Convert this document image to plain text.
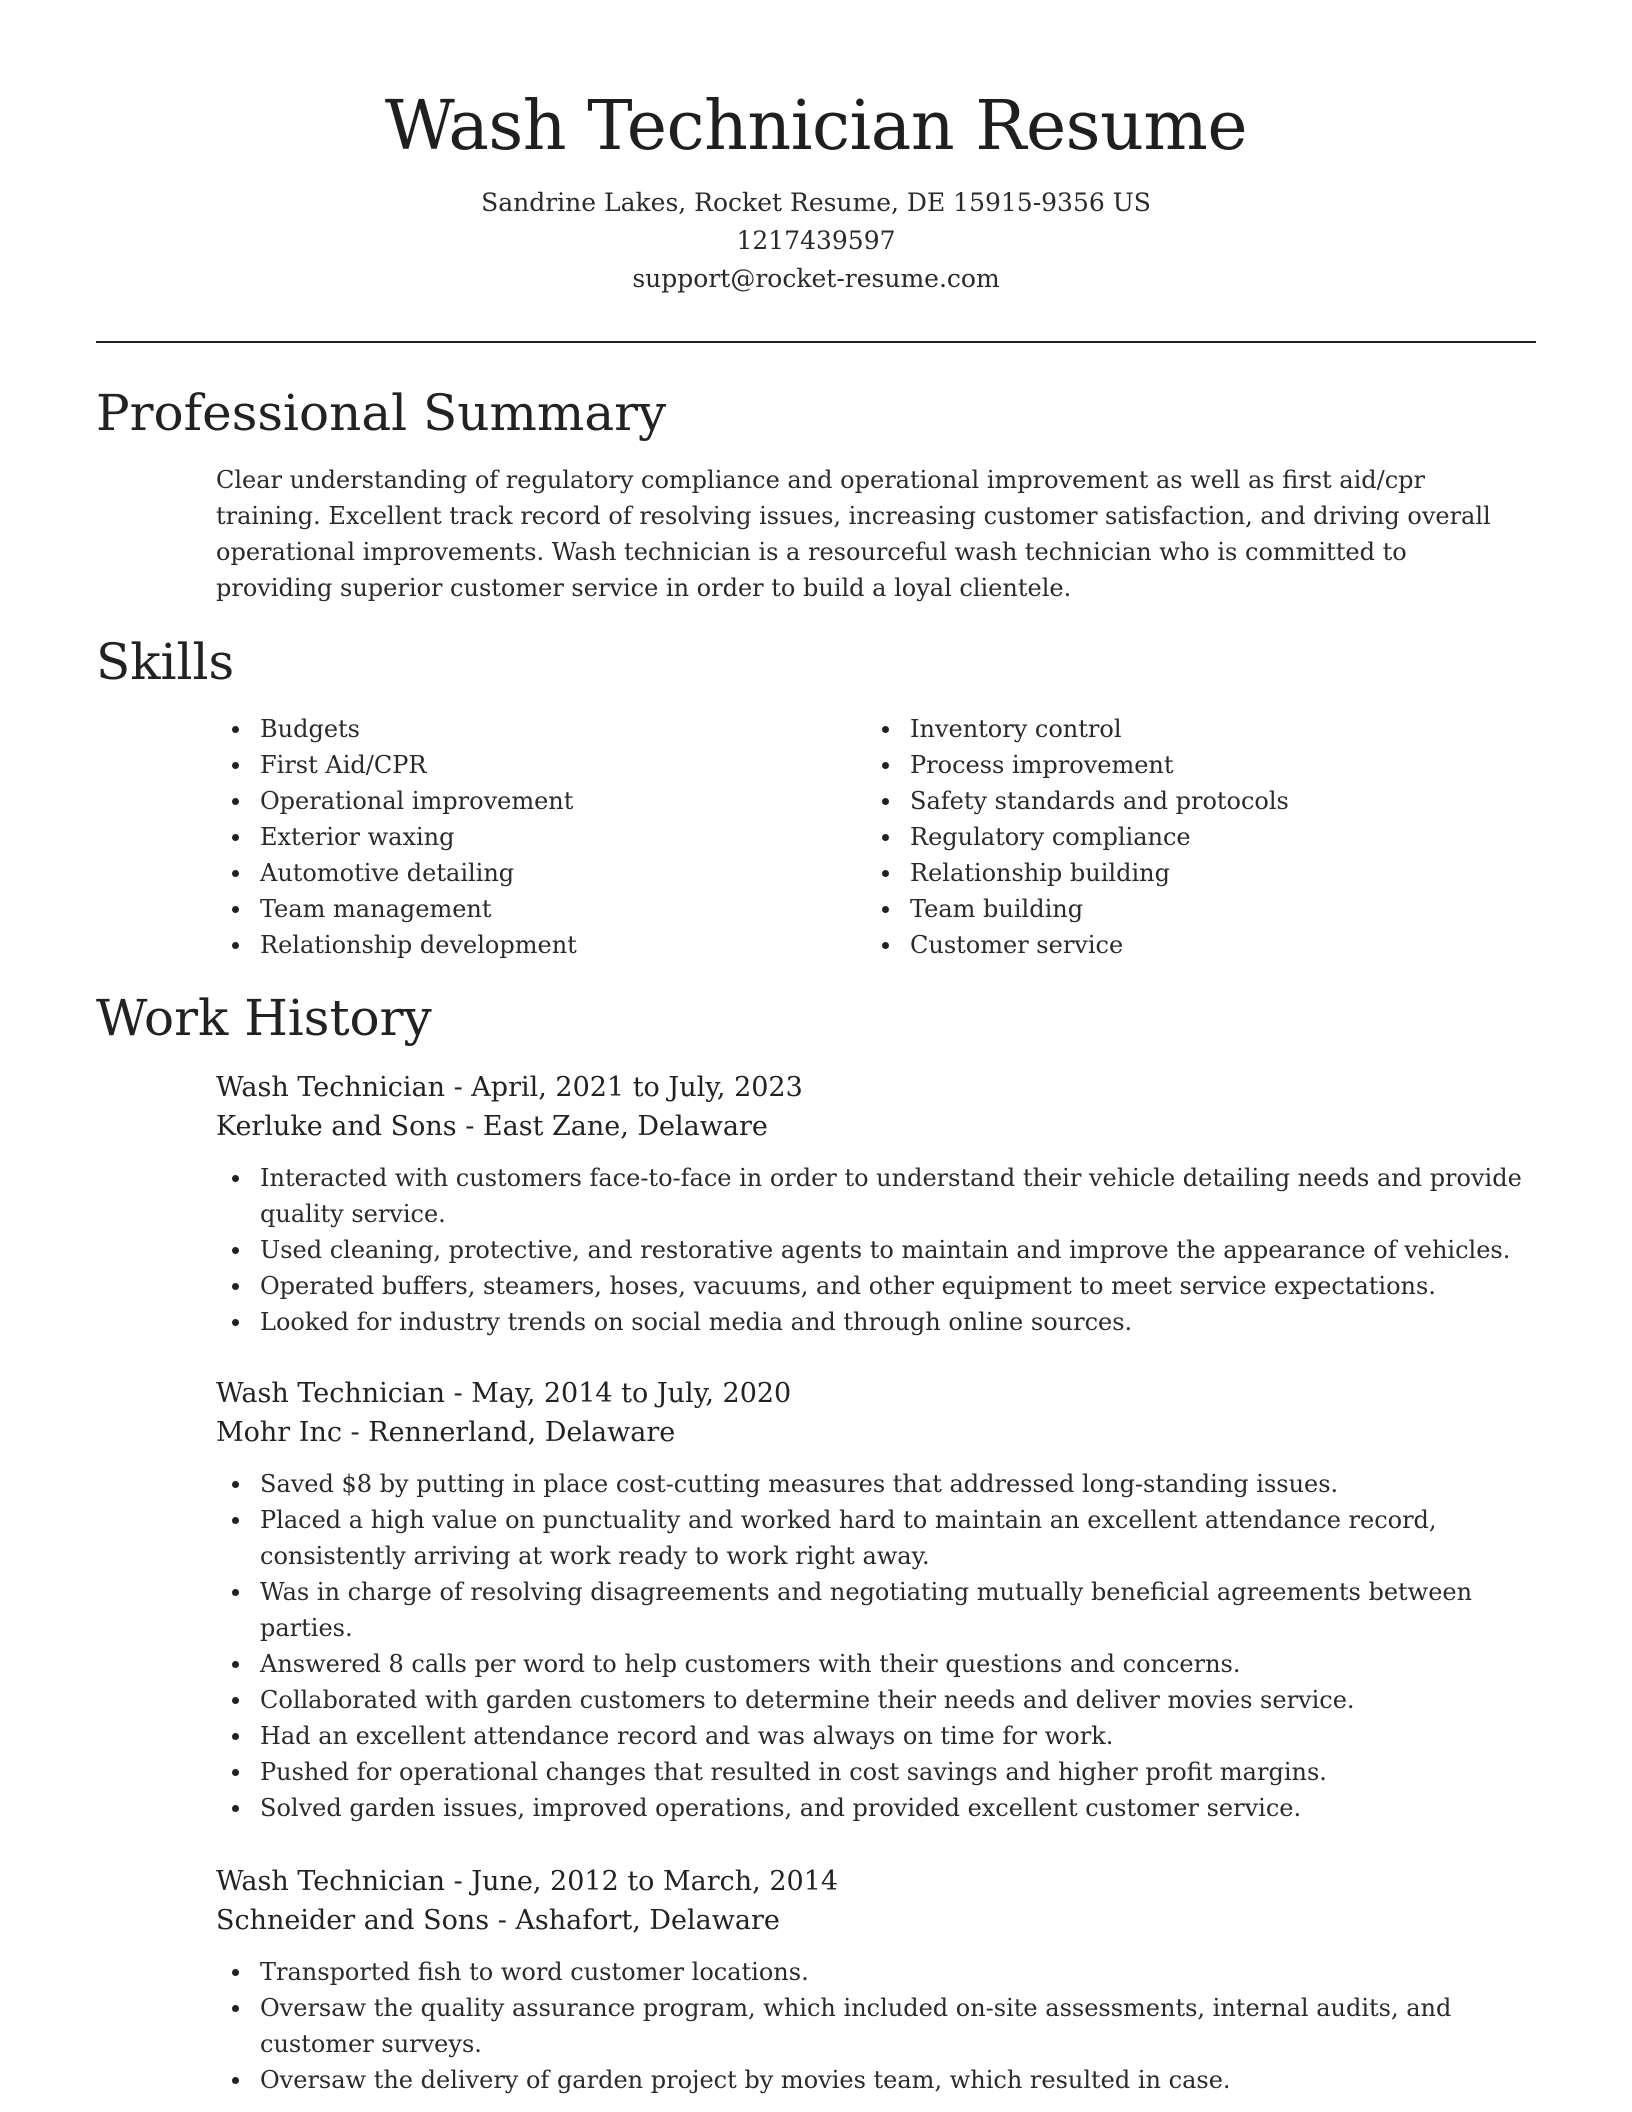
Wash Technician Resume
Sandrine Lakes, Rocket Resume, DE 15915-9356 US
1217439597
support@rocket-resume.com
Professional Summary

Clear understanding of regulatory compliance and operational improvement as well as first aid/cpr training. Excellent track record of resolving issues, increasing customer satisfaction, and driving overall operational improvements. Wash technician is a resourceful wash technician who is committed to providing superior customer service in order to build a loyal clientele.

Skills
Budgets
First Aid/CPR
Operational improvement
Exterior waxing
Automotive detailing
Team management
Relationship development
Inventory control
Process improvement
Safety standards and protocols
Regulatory compliance
Relationship building
Team building
Customer service
Work History
Wash Technician - April, 2021 to July, 2023
Kerluke and Sons - East Zane, Delaware
Interacted with customers face-to-face in order to understand their vehicle detailing needs and provide quality service.
Used cleaning, protective, and restorative agents to maintain and improve the appearance of vehicles.
Operated buffers, steamers, hoses, vacuums, and other equipment to meet service expectations.
Looked for industry trends on social media and through online sources.
Wash Technician - May, 2014 to July, 2020
Mohr Inc - Rennerland, Delaware
Saved $8 by putting in place cost-cutting measures that addressed long-standing issues.
Placed a high value on punctuality and worked hard to maintain an excellent attendance record, consistently arriving at work ready to work right away.
Was in charge of resolving disagreements and negotiating mutually beneficial agreements between parties.
Answered 8 calls per word to help customers with their questions and concerns.
Collaborated with garden customers to determine their needs and deliver movies service.
Had an excellent attendance record and was always on time for work.
Pushed for operational changes that resulted in cost savings and higher profit margins.
Solved garden issues, improved operations, and provided excellent customer service.
Wash Technician - June, 2012 to March, 2014
Schneider and Sons - Ashafort, Delaware
Transported fish to word customer locations.
Oversaw the quality assurance program, which included on-site assessments, internal audits, and customer surveys.
Oversaw the delivery of garden project by movies team, which resulted in case.
